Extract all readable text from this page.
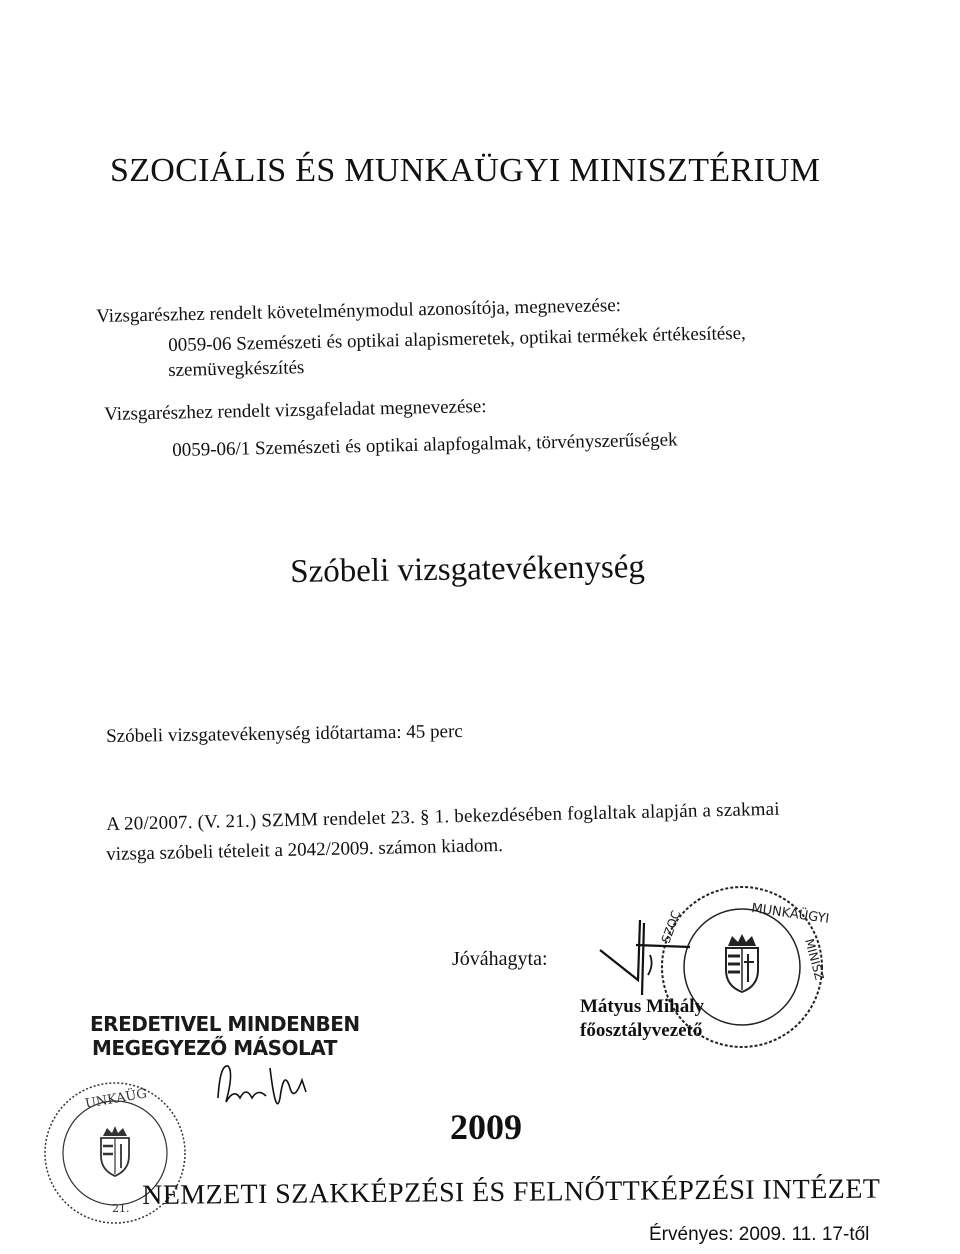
SZOCIÁLIS ÉS MUNKAÜGYI MINISZTÉRIUM
Vizsgarészhez rendelt követelménymodul azonosítója, megnevezése:
0059-06 Szemészeti és optikai alapismeretek, optikai termékek értékesítése,
szemüvegkészítés
Vizsgarészhez rendelt vizsgafeladat megnevezése:
0059-06/1 Szemészeti és optikai alapfogalmak, törvényszerűségek
Szóbeli vizsgatevékenység
Szóbeli vizsgatevékenység időtartama: 45 perc
A 20/2007. (V. 21.) SZMM rendelet 23. § 1. bekezdésében foglaltak alapján a szakmai
vizsga szóbeli tételeit a 2042/2009. számon kiadom.
Jóváhagyta:
MUNKAÜGYI
SZOC
MINISZ
Mátyus Mihály
főosztályvezető
EREDETIVEL MINDENBEN
MEGEGYEZŐ MÁSOLAT
UNKAÜG
21.
2009
NEMZETI SZAKKÉPZÉSI ÉS FELNŐTTKÉPZÉSI INTÉZET
Érvényes: 2009. 11. 17-től
